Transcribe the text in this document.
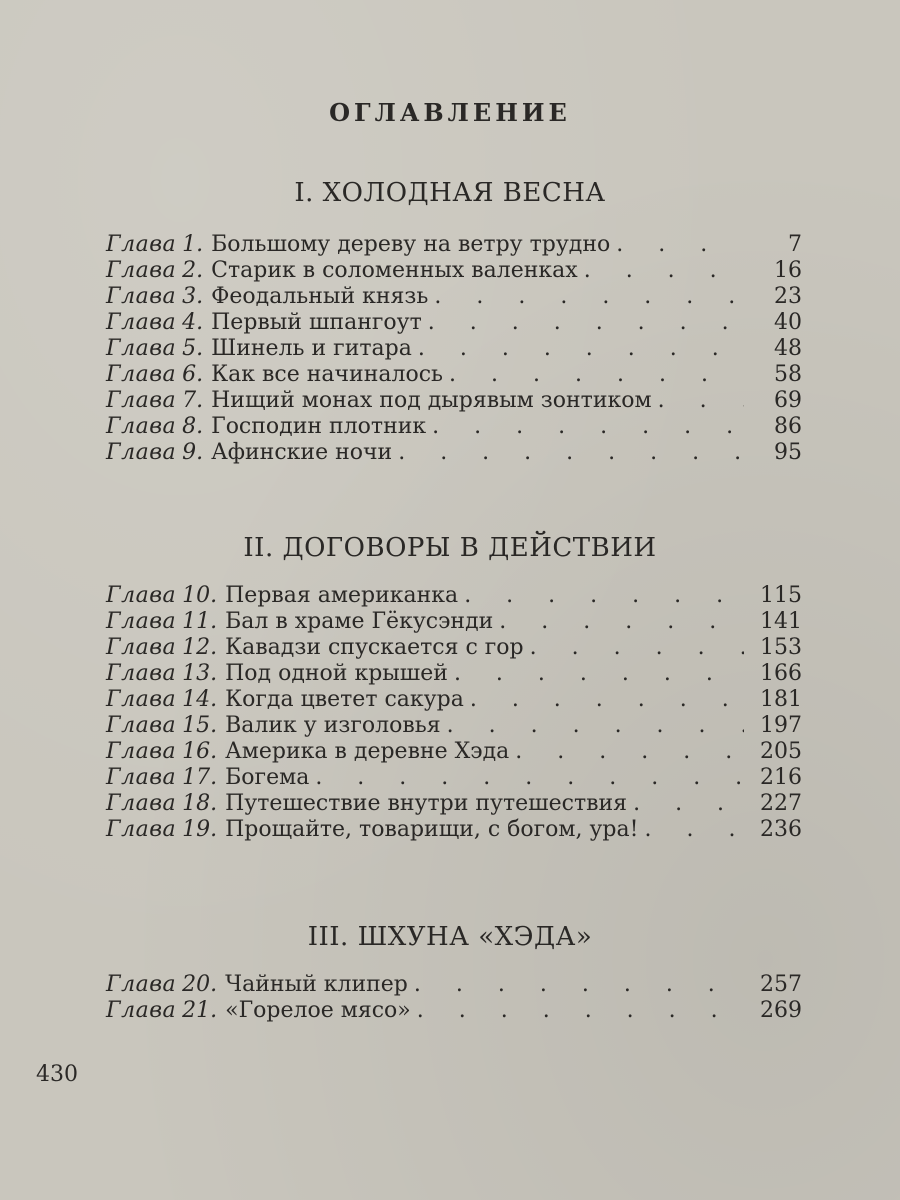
ОГЛАВЛЕНИЕ
I. ХОЛОДНАЯ ВЕСНА
Глава 1. Большому дереву на ветру трудно . . .	7
Глава 2. Старик в соломенных валенках . . .	16
Глава 3. Феодальный князь . . .	23
Глава 4. Первый шпангоут . . .	40
Глава 5. Шинель и гитара . . .	48
Глава 6. Как все начиналось . . .	58
Глава 7. Нищий монах под дырявым зонтиком . . .	69
Глава 8. Господин плотник . . .	86
Глава 9. Афинские ночи . . .	95
II. ДОГОВОРЫ В ДЕЙСТВИИ
Глава 10. Первая американка . . .	115
Глава 11. Бал в храме Гёкусэнди . . .	141
Глава 12. Кавадзи спускается с гор . . .	153
Глава 13. Под одной крышей . . .	166
Глава 14. Когда цветет сакура . . .	181
Глава 15. Валик у изголовья . . .	197
Глава 16. Америка в деревне Хэда . . .	205
Глава 17. Богема . . .	216
Глава 18. Путешествие внутри путешествия . . .	227
Глава 19. Прощайте, товарищи, с богом, ура! . . .	236
III. ШХУНА «ХЭДА»
Глава 20. Чайный клипер . . .	257
Глава 21. «Горелое мясо» . . .	269
430
